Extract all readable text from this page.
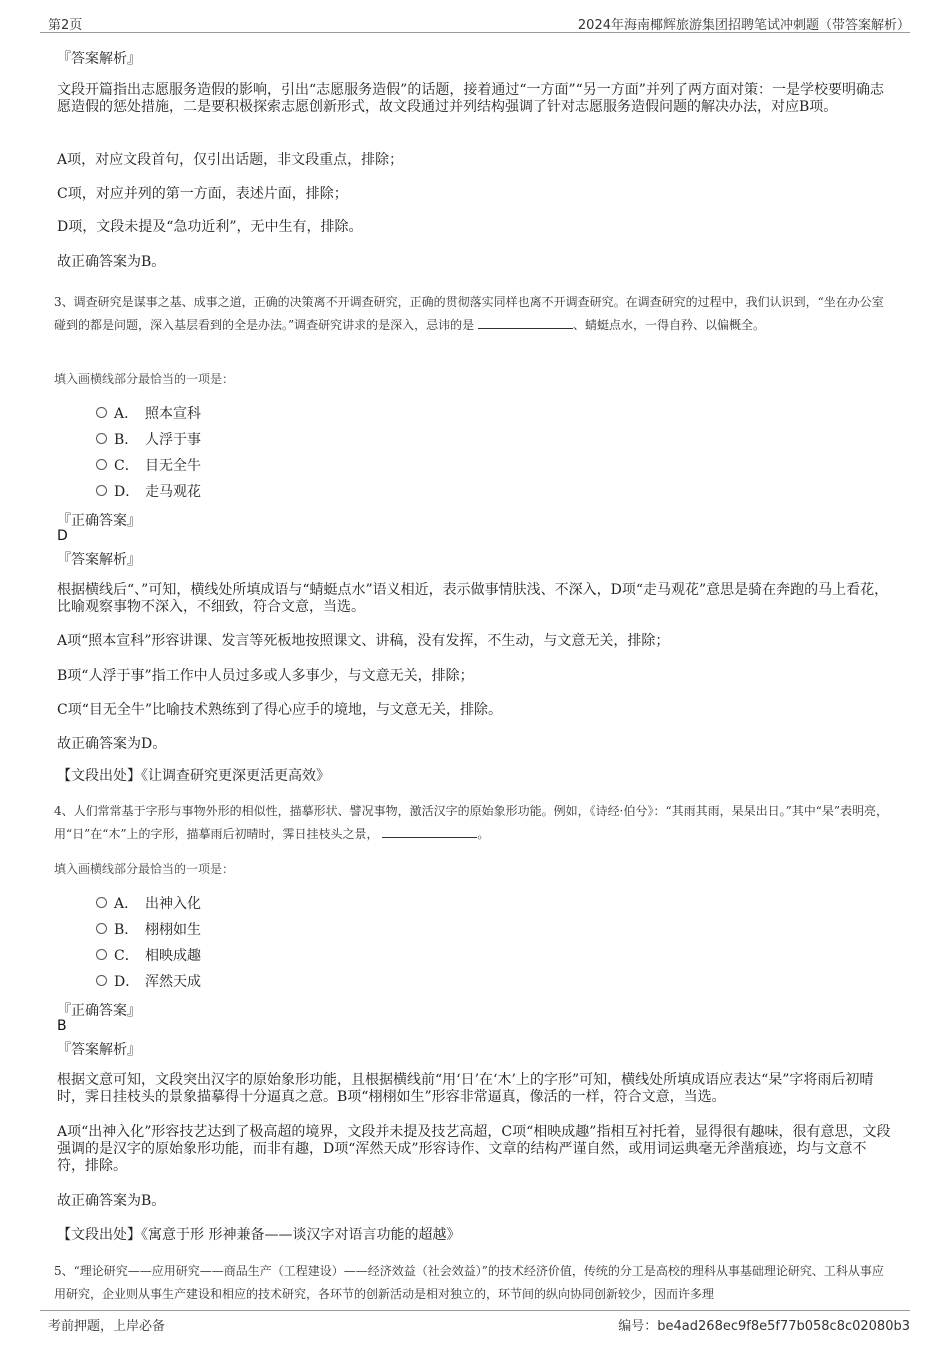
第2页	2024年海南椰辉旅游集团招聘笔试冲刺题（带答案解析）
『答案解析』
文段开篇指出志愿服务造假的影响，引出“志愿服务造假”的话题，接着通过“一方面”“另一方面”并列了两方面对策：一是学校要明确志愿造假的惩处措施，二是要积极探索志愿创新形式，故文段通过并列结构强调了针对志愿服务造假问题的解决办法，对应B项。
A项，对应文段首句，仅引出话题，非文段重点，排除；
C项，对应并列的第一方面，表述片面，排除；
D项，文段未提及“急功近利”，无中生有，排除。
故正确答案为B。
3、调查研究是谋事之基、成事之道，正确的决策离不开调查研究，正确的贯彻落实同样也离不开调查研究。在调查研究的过程中，我们认识到，“坐在办公室碰到的都是问题，深入基层看到的全是办法。”调查研究讲求的是深入，忌讳的是	、蜻蜓点水，一得自矜、以偏概全。
填入画横线部分最恰当的一项是：
A． 照本宣科
B． 人浮于事
C． 目无全牛
D． 走马观花
『正确答案』
D
『答案解析』
根据横线后“、”可知，横线处所填成语与“蜻蜓点水”语义相近，表示做事情肤浅、不深入，D项“走马观花”意思是骑在奔跑的马上看花，比喻观察事物不深入，不细致，符合文意，当选。
A项“照本宣科”形容讲课、发言等死板地按照课文、讲稿，没有发挥，不生动，与文意无关，排除；
B项“人浮于事”指工作中人员过多或人多事少，与文意无关，排除；
C项“目无全牛”比喻技术熟练到了得心应手的境地，与文意无关，排除。
故正确答案为D。
【文段出处】《让调查研究更深更活更高效》
4、人们常常基于字形与事物外形的相似性，描摹形状、譬况事物，激活汉字的原始象形功能。例如，《诗经·伯兮》：“其雨其雨，杲杲出日。”其中“杲”表明亮，用“日”在“木”上的字形，描摹雨后初晴时，霁日挂枝头之景，	。
填入画横线部分最恰当的一项是：
A． 出神入化
B． 栩栩如生
C． 相映成趣
D． 浑然天成
『正确答案』
B
『答案解析』
根据文意可知，文段突出汉字的原始象形功能，且根据横线前“用‘日’在‘木’上的字形”可知，横线处所填成语应表达“杲”字将雨后初晴时，霁日挂枝头的景象描摹得十分逼真之意。B项“栩栩如生”形容非常逼真，像活的一样，符合文意，当选。
A项“出神入化”形容技艺达到了极高超的境界，文段并未提及技艺高超，C项“相映成趣”指相互衬托着，显得很有趣味，很有意思，文段强调的是汉字的原始象形功能，而非有趣，D项“浑然天成”形容诗作、文章的结构严谨自然，或用词运典毫无斧凿痕迹，均与文意不符，排除。
故正确答案为B。
【文段出处】《寓意于形 形神兼备——谈汉字对语言功能的超越》
5、“理论研究——应用研究——商品生产（工程建设）——经济效益（社会效益）”的技术经济价值，传统的分工是高校的理科从事基础理论研究、工科从事应用研究，企业则从事生产建设和相应的技术研究，各环节的创新活动是相对独立的，环节间的纵向协同创新较少，因而许多理
考前押题，上岸必备	编号：be4ad268ec9f8e5f77b058c8c02080b3
